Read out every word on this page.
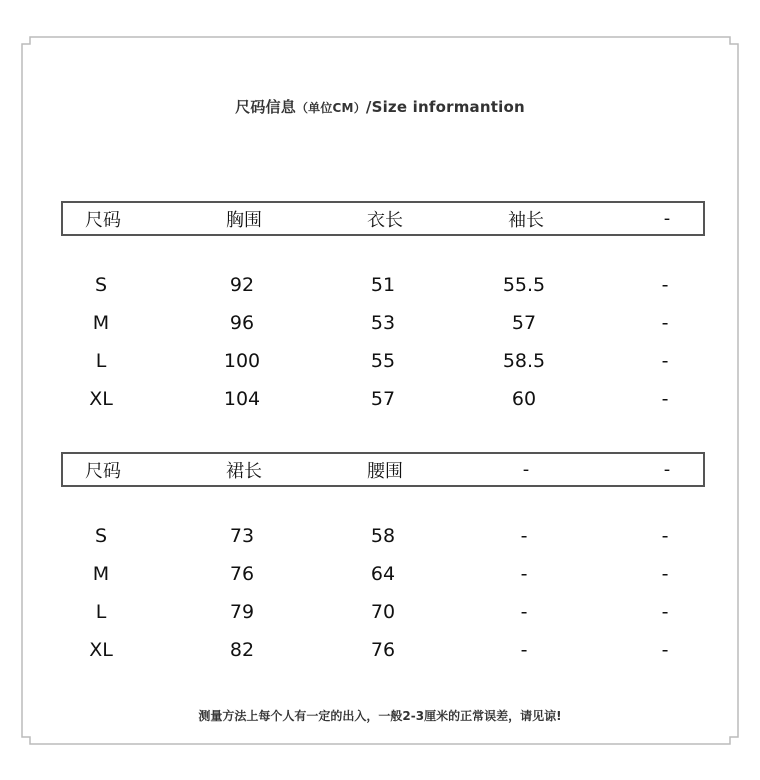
尺码信息（单位CM）/Size informantion
尺码	胸围	衣长	袖长	-
S	92	51	55.5	-
M	96	53	57	-
L	100	55	58.5	-
XL	104	57	60	-
尺码	裙长	腰围	-	-
S	73	58	-	-
M	76	64	-	-
L	79	70	-	-
XL	82	76	-	-
测量方法上每个人有一定的出入，一般2-3厘米的正常误差，请见谅!
